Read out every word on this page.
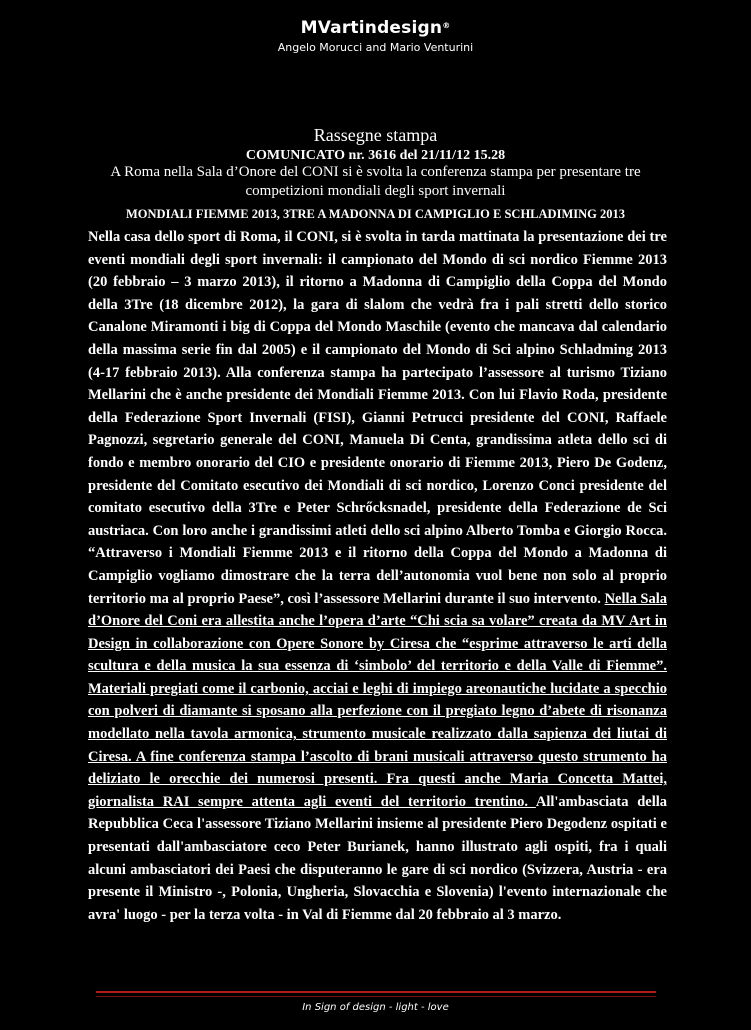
MVartindesign®
Angelo Morucci and Mario Venturini
Rassegne stampa
COMUNICATO nr. 3616 del 21/11/12 15.28
A Roma nella Sala d’Onore del CONI si è svolta la conferenza stampa per presentare tre competizioni mondiali degli sport invernali
MONDIALI FIEMME 2013, 3TRE A MADONNA DI CAMPIGLIO E SCHLADIMING 2013
Nella casa dello sport di Roma, il CONI, si è svolta in tarda mattinata la presentazione dei tre eventi mondiali degli sport invernali: il campionato del Mondo di sci nordico Fiemme 2013 (20 febbraio – 3 marzo 2013), il ritorno a Madonna di Campiglio della Coppa del Mondo della 3Tre (18 dicembre 2012), la gara di slalom che vedrà fra i pali stretti dello storico Canalone Miramonti i big di Coppa del Mondo Maschile (evento che mancava dal calendario della massima serie fin dal 2005) e il campionato del Mondo di Sci alpino Schladming 2013 (4-17 febbraio 2013). Alla conferenza stampa ha partecipato l’assessore al turismo Tiziano Mellarini che è anche presidente dei Mondiali Fiemme 2013. Con lui Flavio Roda, presidente della Federazione Sport Invernali (FISI), Gianni Petrucci presidente del CONI, Raffaele Pagnozzi, segretario generale del CONI, Manuela Di Centa, grandissima atleta dello sci di fondo e membro onorario del CIO e presidente onorario di Fiemme 2013, Piero De Godenz, presidente del Comitato esecutivo dei Mondiali di sci nordico, Lorenzo Conci presidente del comitato esecutivo della 3Tre e Peter Schrőcksnadel, presidente della Federazione de Sci austriaca. Con loro anche i grandissimi atleti dello sci alpino Alberto Tomba e Giorgio Rocca. “Attraverso i Mondiali Fiemme 2013 e il ritorno della Coppa del Mondo a Madonna di Campiglio vogliamo dimostrare che la terra dell’autonomia vuol bene non solo al proprio territorio ma al proprio Paese”, così l’assessore Mellarini durante il suo intervento. Nella Sala d’Onore del Coni era allestita anche l’opera d’arte “Chi scia sa volare” creata da MV Art in Design in collaborazione con Opere Sonore by Ciresa che “esprime attraverso le arti della scultura e della musica la sua essenza di ‘simbolo’ del territorio e della Valle di Fiemme”. Materiali pregiati come il carbonio, acciai e leghi di impiego areonautiche lucidate a specchio con polveri di diamante si sposano alla perfezione con il pregiato legno d’abete di risonanza modellato nella tavola armonica, strumento musicale realizzato dalla sapienza dei liutai di Ciresa. A fine conferenza stampa l’ascolto di brani musicali attraverso questo strumento ha deliziato le orecchie dei numerosi presenti. Fra questi anche Maria Concetta Mattei, giornalista RAI sempre attenta agli eventi del territorio trentino. All'ambasciata della Repubblica Ceca l'assessore Tiziano Mellarini insieme al presidente Piero Degodenz ospitati e presentati dall'ambasciatore ceco Peter Burianek, hanno illustrato agli ospiti, fra i quali alcuni ambasciatori dei Paesi che disputeranno le gare di sci nordico (Svizzera, Austria - era presente il Ministro -, Polonia, Ungheria, Slovacchia e Slovenia) l'evento internazionale che avra' luogo - per la terza volta - in Val di Fiemme dal 20 febbraio al 3 marzo.
In Sign of design - light - love
